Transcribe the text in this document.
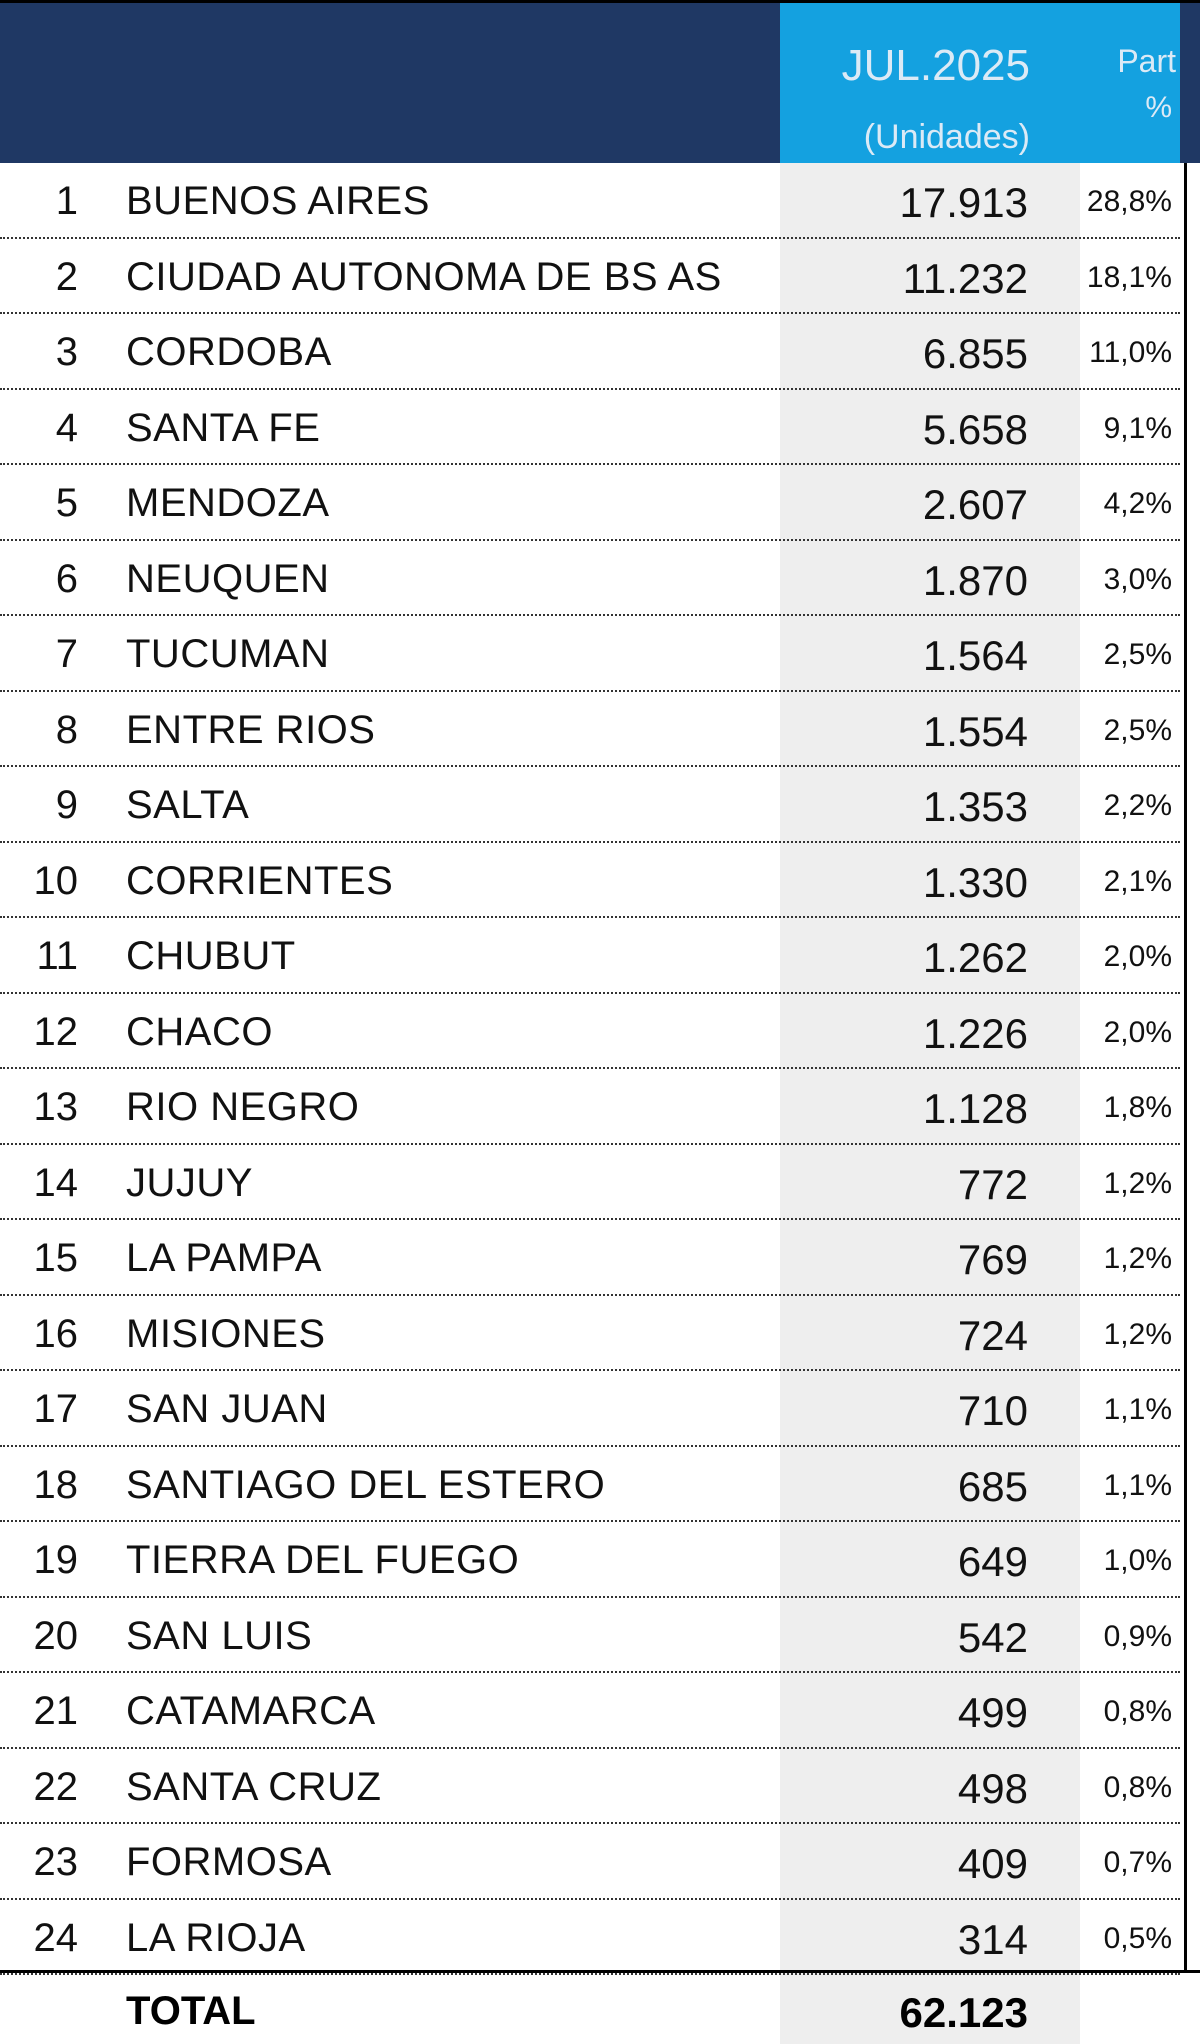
JUL.2025
(Unidades)
Part
%
1 BUENOS AIRES	17.913 28,8%
2 CIUDAD AUTONOMA DE BS AS	11.232 18,1%
3 CORDOBA	6.855	11,0%
4 SANTA FE	5.658	9,1%
5 MENDOZA	2.607	4,2%
6 NEUQUEN	1.870	3,0%
7 TUCUMAN	1.564	2,5%
8 ENTRE RIOS	1.554	2,5%
9 SALTA	1.353	2,2%
10 CORRIENTES	1.330	2,1%
11 CHUBUT	1.262	2,0%
12 CHACO	1.226	2,0%
13 RIO NEGRO	1.128	1,8%
14 JUJUY	772	1,2%
15 LA PAMPA	769	1,2%
16 MISIONES	724	1,2%
17 SAN JUAN	710	1,1%
18 SANTIAGO DEL ESTERO	685	1,1%
19 TIERRA DEL FUEGO	649	1,0%
20 SAN LUIS	542	0,9%
21 CATAMARCA	499	0,8%
22 SANTA CRUZ	498	0,8%
23 FORMOSA	409	0,7%
24 LA RIOJA	314	0,5%
TOTAL	62.123
